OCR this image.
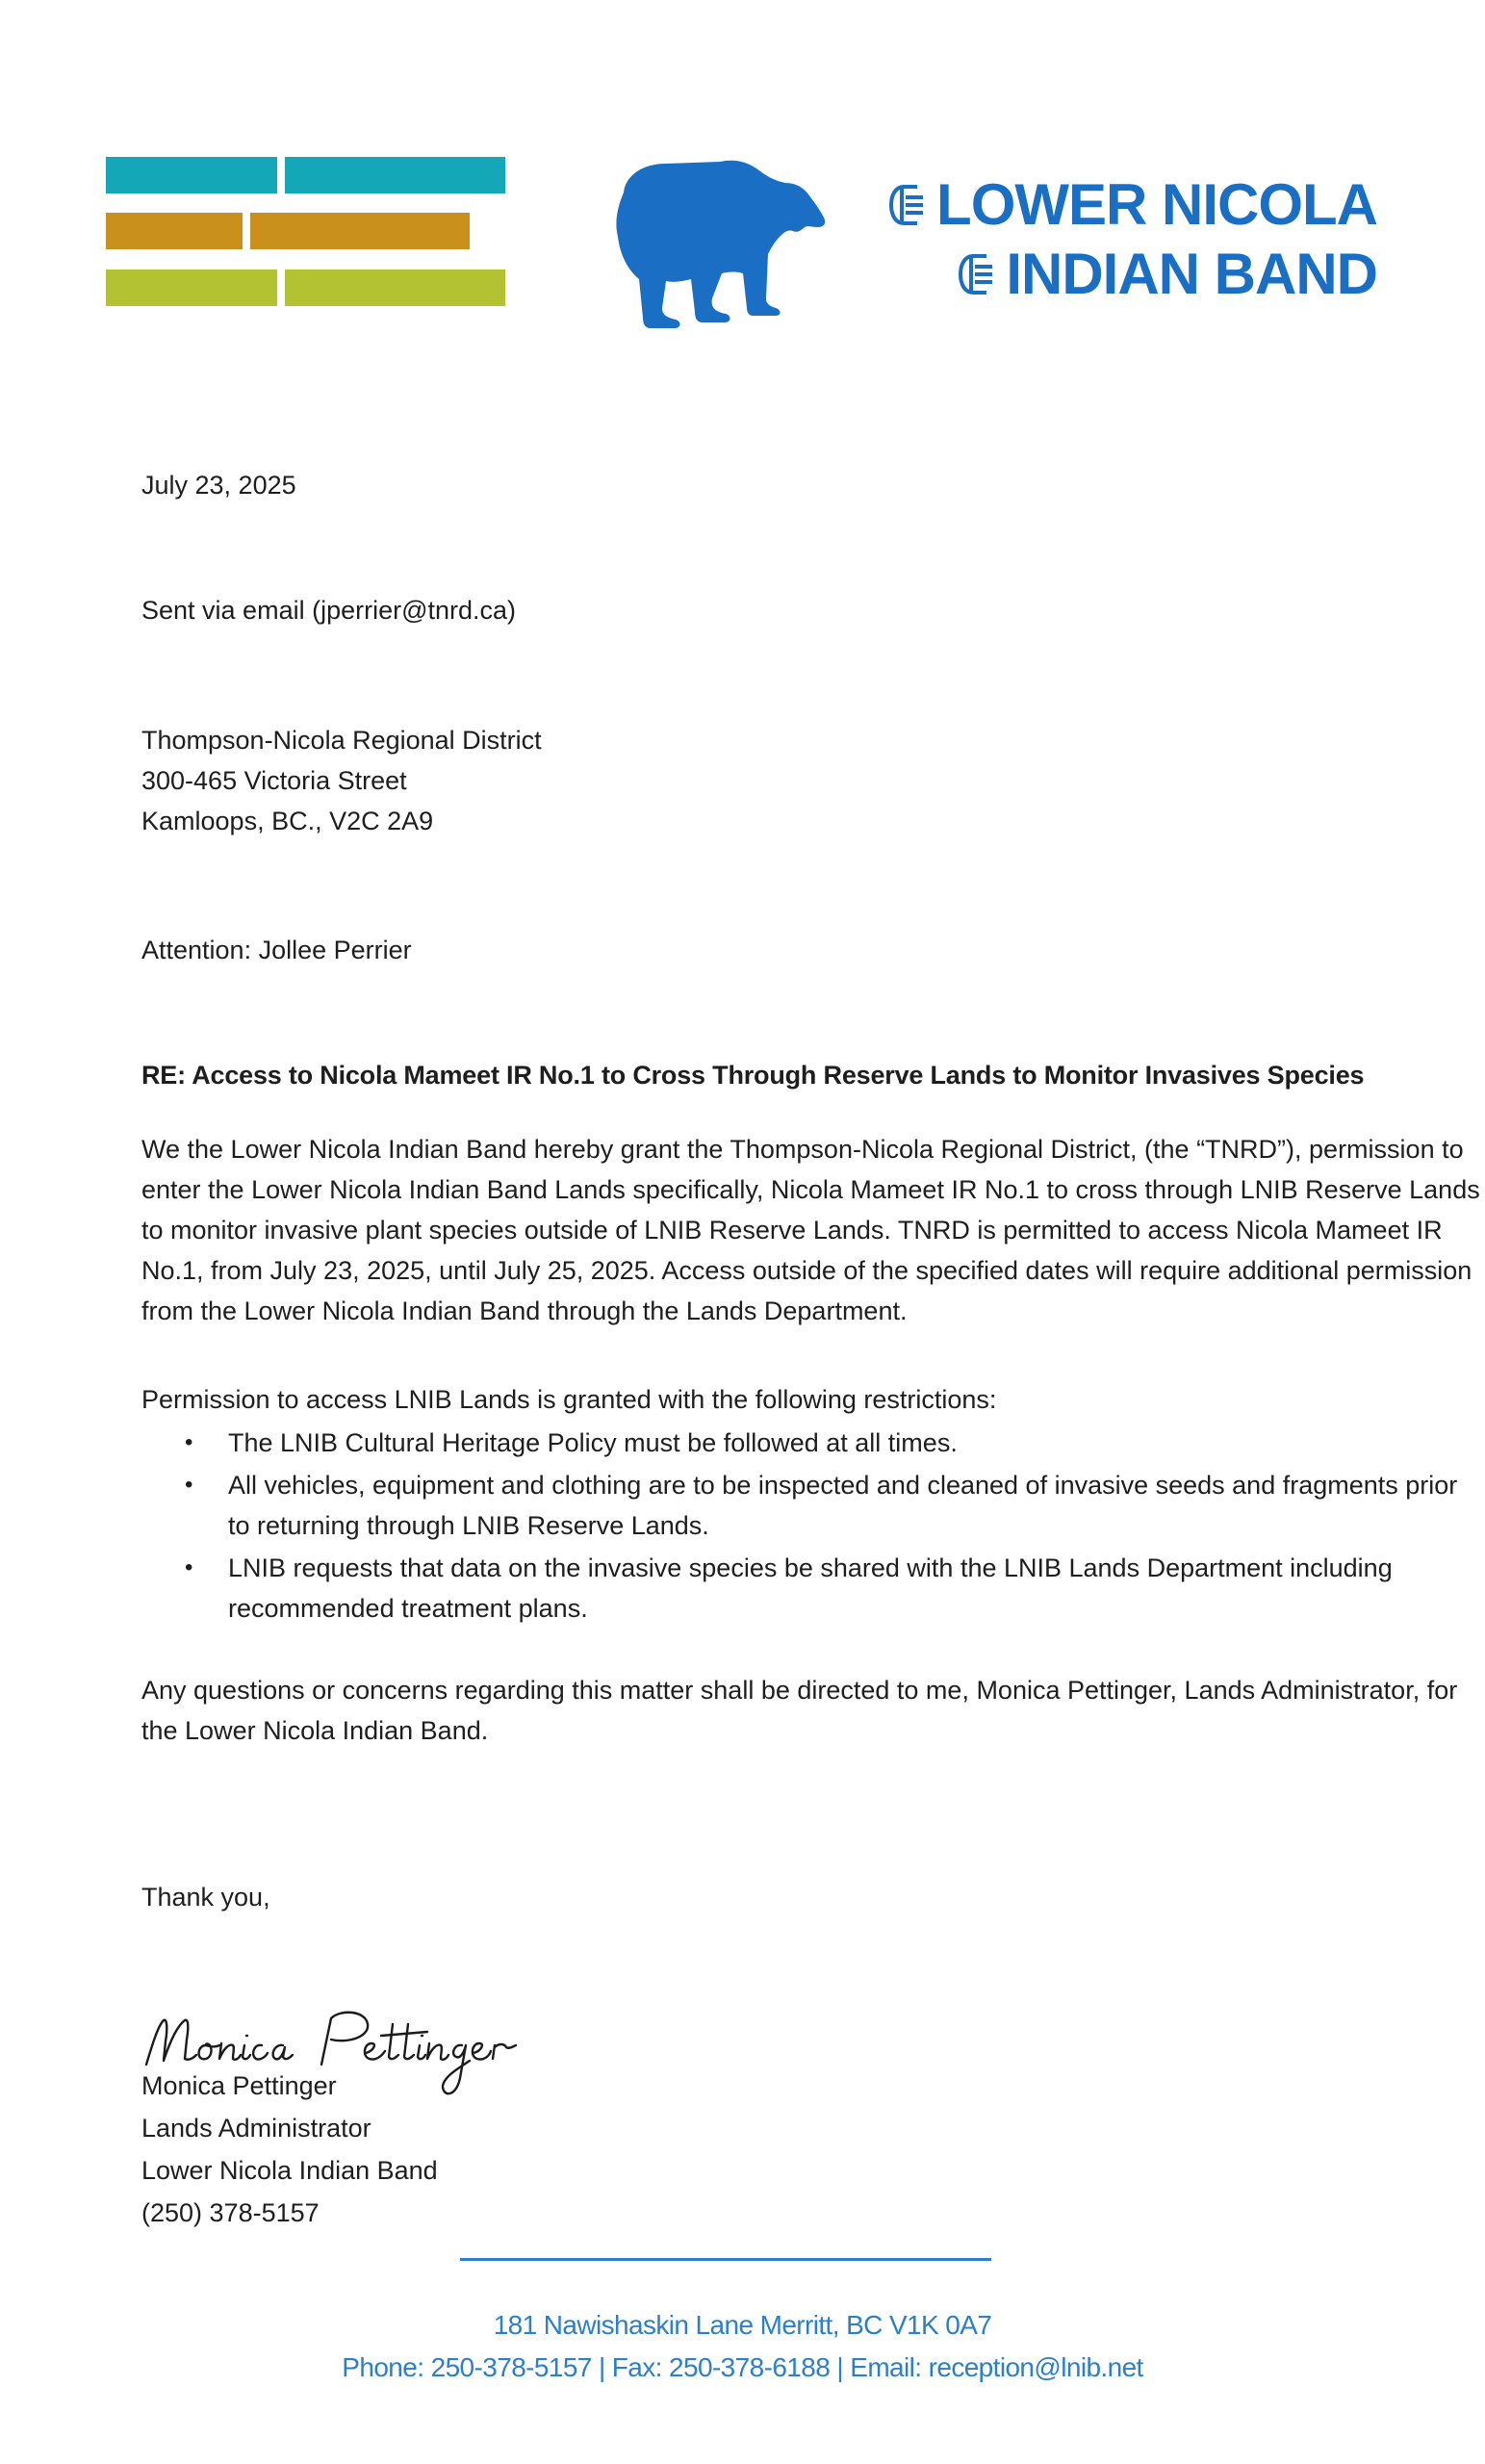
LOWER NICOLA
INDIAN BAND
July 23, 2025
Sent via email (jperrier@tnrd.ca)
Thompson-Nicola Regional District
300-465 Victoria Street
Kamloops, BC., V2C 2A9
Attention: Jollee Perrier
RE: Access to Nicola Mameet IR No.1 to Cross Through Reserve Lands to Monitor Invasives Species
We the Lower Nicola Indian Band hereby grant the Thompson-Nicola Regional District, (the “TNRD”), permission to
enter the Lower Nicola Indian Band Lands specifically, Nicola Mameet IR No.1 to cross through LNIB Reserve Lands
to monitor invasive plant species outside of LNIB Reserve Lands. TNRD is permitted to access Nicola Mameet IR
No.1, from July 23, 2025, until July 25, 2025. Access outside of the specified dates will require additional permission
from the Lower Nicola Indian Band through the Lands Department.
Permission to access LNIB Lands is granted with the following restrictions:
• The LNIB Cultural Heritage Policy must be followed at all times.
• All vehicles, equipment and clothing are to be inspected and cleaned of invasive seeds and fragments prior
to returning through LNIB Reserve Lands.
• LNIB requests that data on the invasive species be shared with the LNIB Lands Department including
recommended treatment plans.
Any questions or concerns regarding this matter shall be directed to me, Monica Pettinger, Lands Administrator, for
the Lower Nicola Indian Band.
Thank you,
Monica Pettinger
Lands Administrator
Lower Nicola Indian Band
(250) 378-5157
181 Nawishaskin Lane Merritt, BC V1K 0A7
Phone: 250-378-5157 | Fax: 250-378-6188 | Email: reception@lnib.net
